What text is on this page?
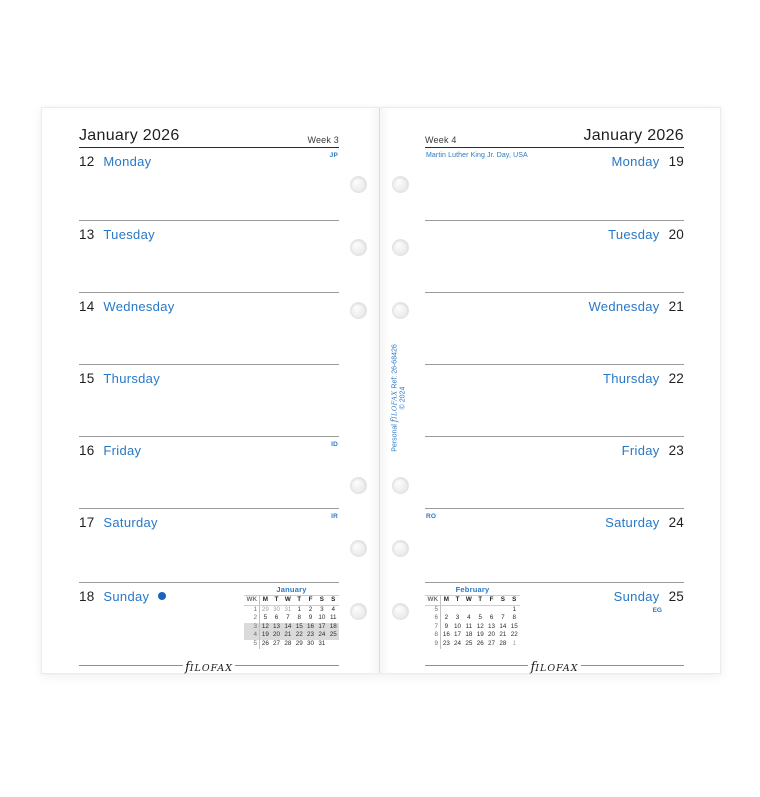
January 2026	Week 3
12 Monday	JP
13 Tuesday
14 Wednesday
15 Thursday
16 Friday	ID
17 Saturday	IR
18 Sunday	January
WK	M	T	W	T	F	S	S
1	29	30	31	1	2	3	4
2	5	6	7	8	9	10	11
3	12	13	14	15	16	17	18
4	19	20	21	22	23	24	25
5	26	27	28	29	30	31	
fILOFAX
Week 4	January 2026
Martin Luther King Jr. Day, USA	Monday 19
Tuesday 20
Wednesday 21
Thursday 22
Friday 23
RO	Saturday 24
Sunday 25
EG
February
WK	M	T	W	T	F	S	S
5							1
6	2	3	4	5	6	7	8
7	9	10	11	12	13	14	15
8	16	17	18	19	20	21	22
9	23	24	25	26	27	28	1
fILOFAX
Personal fILOFAX Ref: 26-68426
© 2024
